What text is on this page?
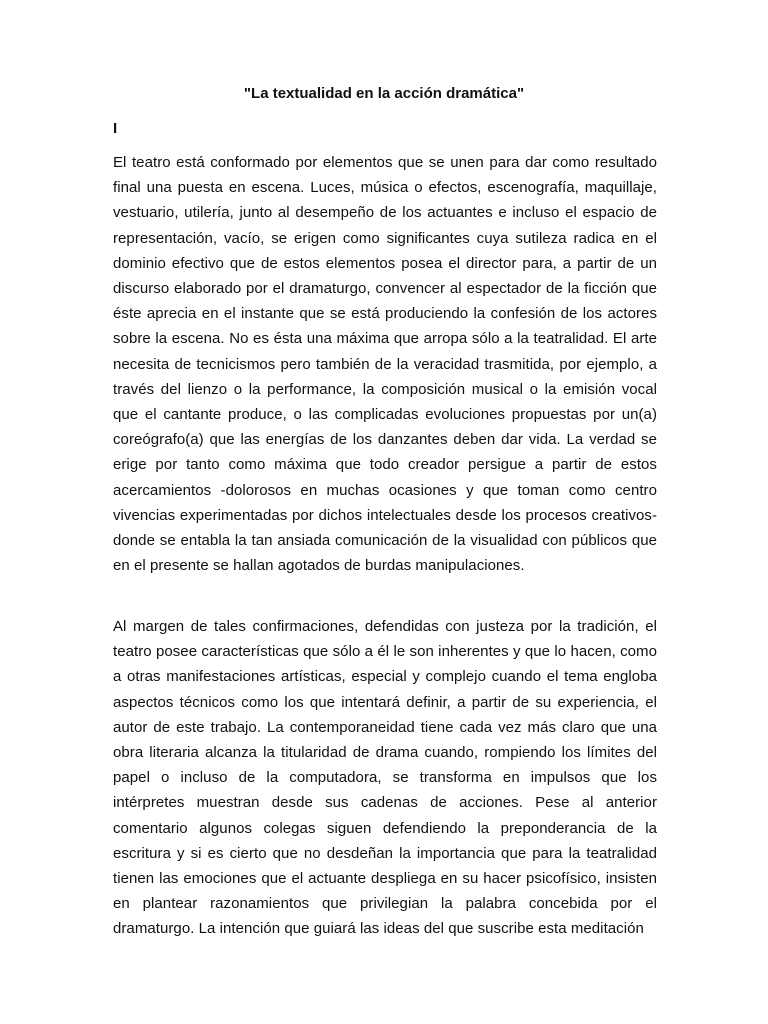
"La textualidad en la acción dramática"
I

El teatro está conformado por elementos que se unen para dar como resultado final una puesta en escena. Luces, música o efectos, escenografía, maquillaje, vestuario, utilería, junto al desempeño de los actuantes e incluso el espacio de representación, vacío, se erigen como significantes cuya sutileza radica en el dominio efectivo que de estos elementos posea el director para, a partir de un discurso elaborado por el dramaturgo, convencer al espectador de la ficción que éste aprecia en el instante que se está produciendo la confesión de los actores sobre la escena. No es ésta una máxima que arropa sólo a la teatralidad. El arte necesita de tecnicismos pero también de la veracidad trasmitida, por ejemplo, a través del lienzo o la performance, la composición musical o la emisión vocal que el cantante produce, o las complicadas evoluciones propuestas por un(a) coreógrafo(a) que las energías de los danzantes deben dar vida. La verdad se erige por tanto como máxima que todo creador persigue a partir de estos acercamientos -dolorosos en muchas ocasiones y que toman como centro vivencias experimentadas por dichos intelectuales desde los procesos creativos- donde se entabla la tan ansiada comunicación de la visualidad con públicos que en el presente se hallan agotados de burdas manipulaciones.

Al margen de tales confirmaciones, defendidas con justeza por la tradición, el teatro posee características que sólo a él le son inherentes y que lo hacen, como a otras manifestaciones artísticas, especial y complejo cuando el tema engloba aspectos técnicos como los que intentará definir, a partir de su experiencia, el autor de este trabajo. La contemporaneidad tiene cada vez más claro que una obra literaria alcanza la titularidad de drama cuando, rompiendo los límites del papel o incluso de la computadora, se transforma en impulsos que los intérpretes muestran desde sus cadenas de acciones. Pese al anterior comentario algunos colegas siguen defendiendo la preponderancia de la escritura y si es cierto que no desdeñan la importancia que para la teatralidad tienen las emociones que el actuante despliega en su hacer psicofísico, insisten en plantear razonamientos que privilegian la palabra concebida por el dramaturgo. La intención que guiará las ideas del que suscribe esta meditación
